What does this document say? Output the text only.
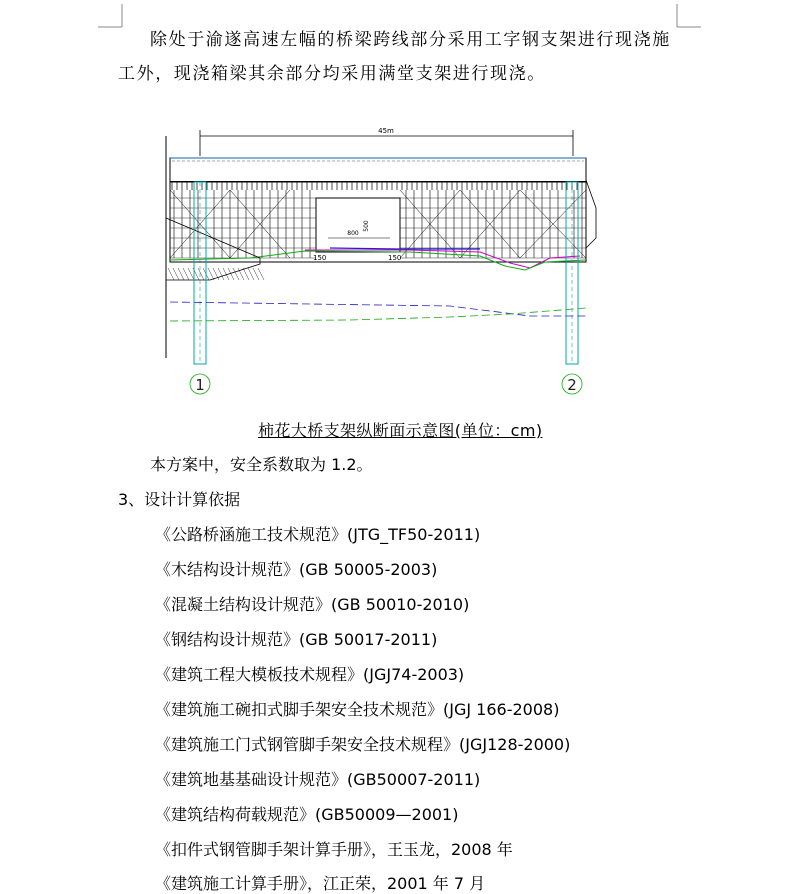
除处于渝遂高速左幅的桥梁跨线部分采用工字钢支架进行现浇施
工外，现浇箱梁其余部分均采用满堂支架进行现浇。
45m
800
500
150	150
1	2
柿花大桥支架纵断面示意图(单位：cm)
本方案中，安全系数取为 1.2。
3、设计计算依据
《公路桥涵施工技术规范》(JTG_TF50-2011)
《木结构设计规范》(GB 50005-2003)
《混凝土结构设计规范》(GB 50010-2010)
《钢结构设计规范》(GB 50017-2011)
《建筑工程大模板技术规程》(JGJ74-2003)
《建筑施工碗扣式脚手架安全技术规范》(JGJ 166-2008)
《建筑施工门式钢管脚手架安全技术规程》(JGJ128-2000)
《建筑地基基础设计规范》(GB50007-2011)
《建筑结构荷载规范》(GB50009—2001)
《扣件式钢管脚手架计算手册》，王玉龙，2008 年
《建筑施工计算手册》，江正荣，2001 年 7 月
